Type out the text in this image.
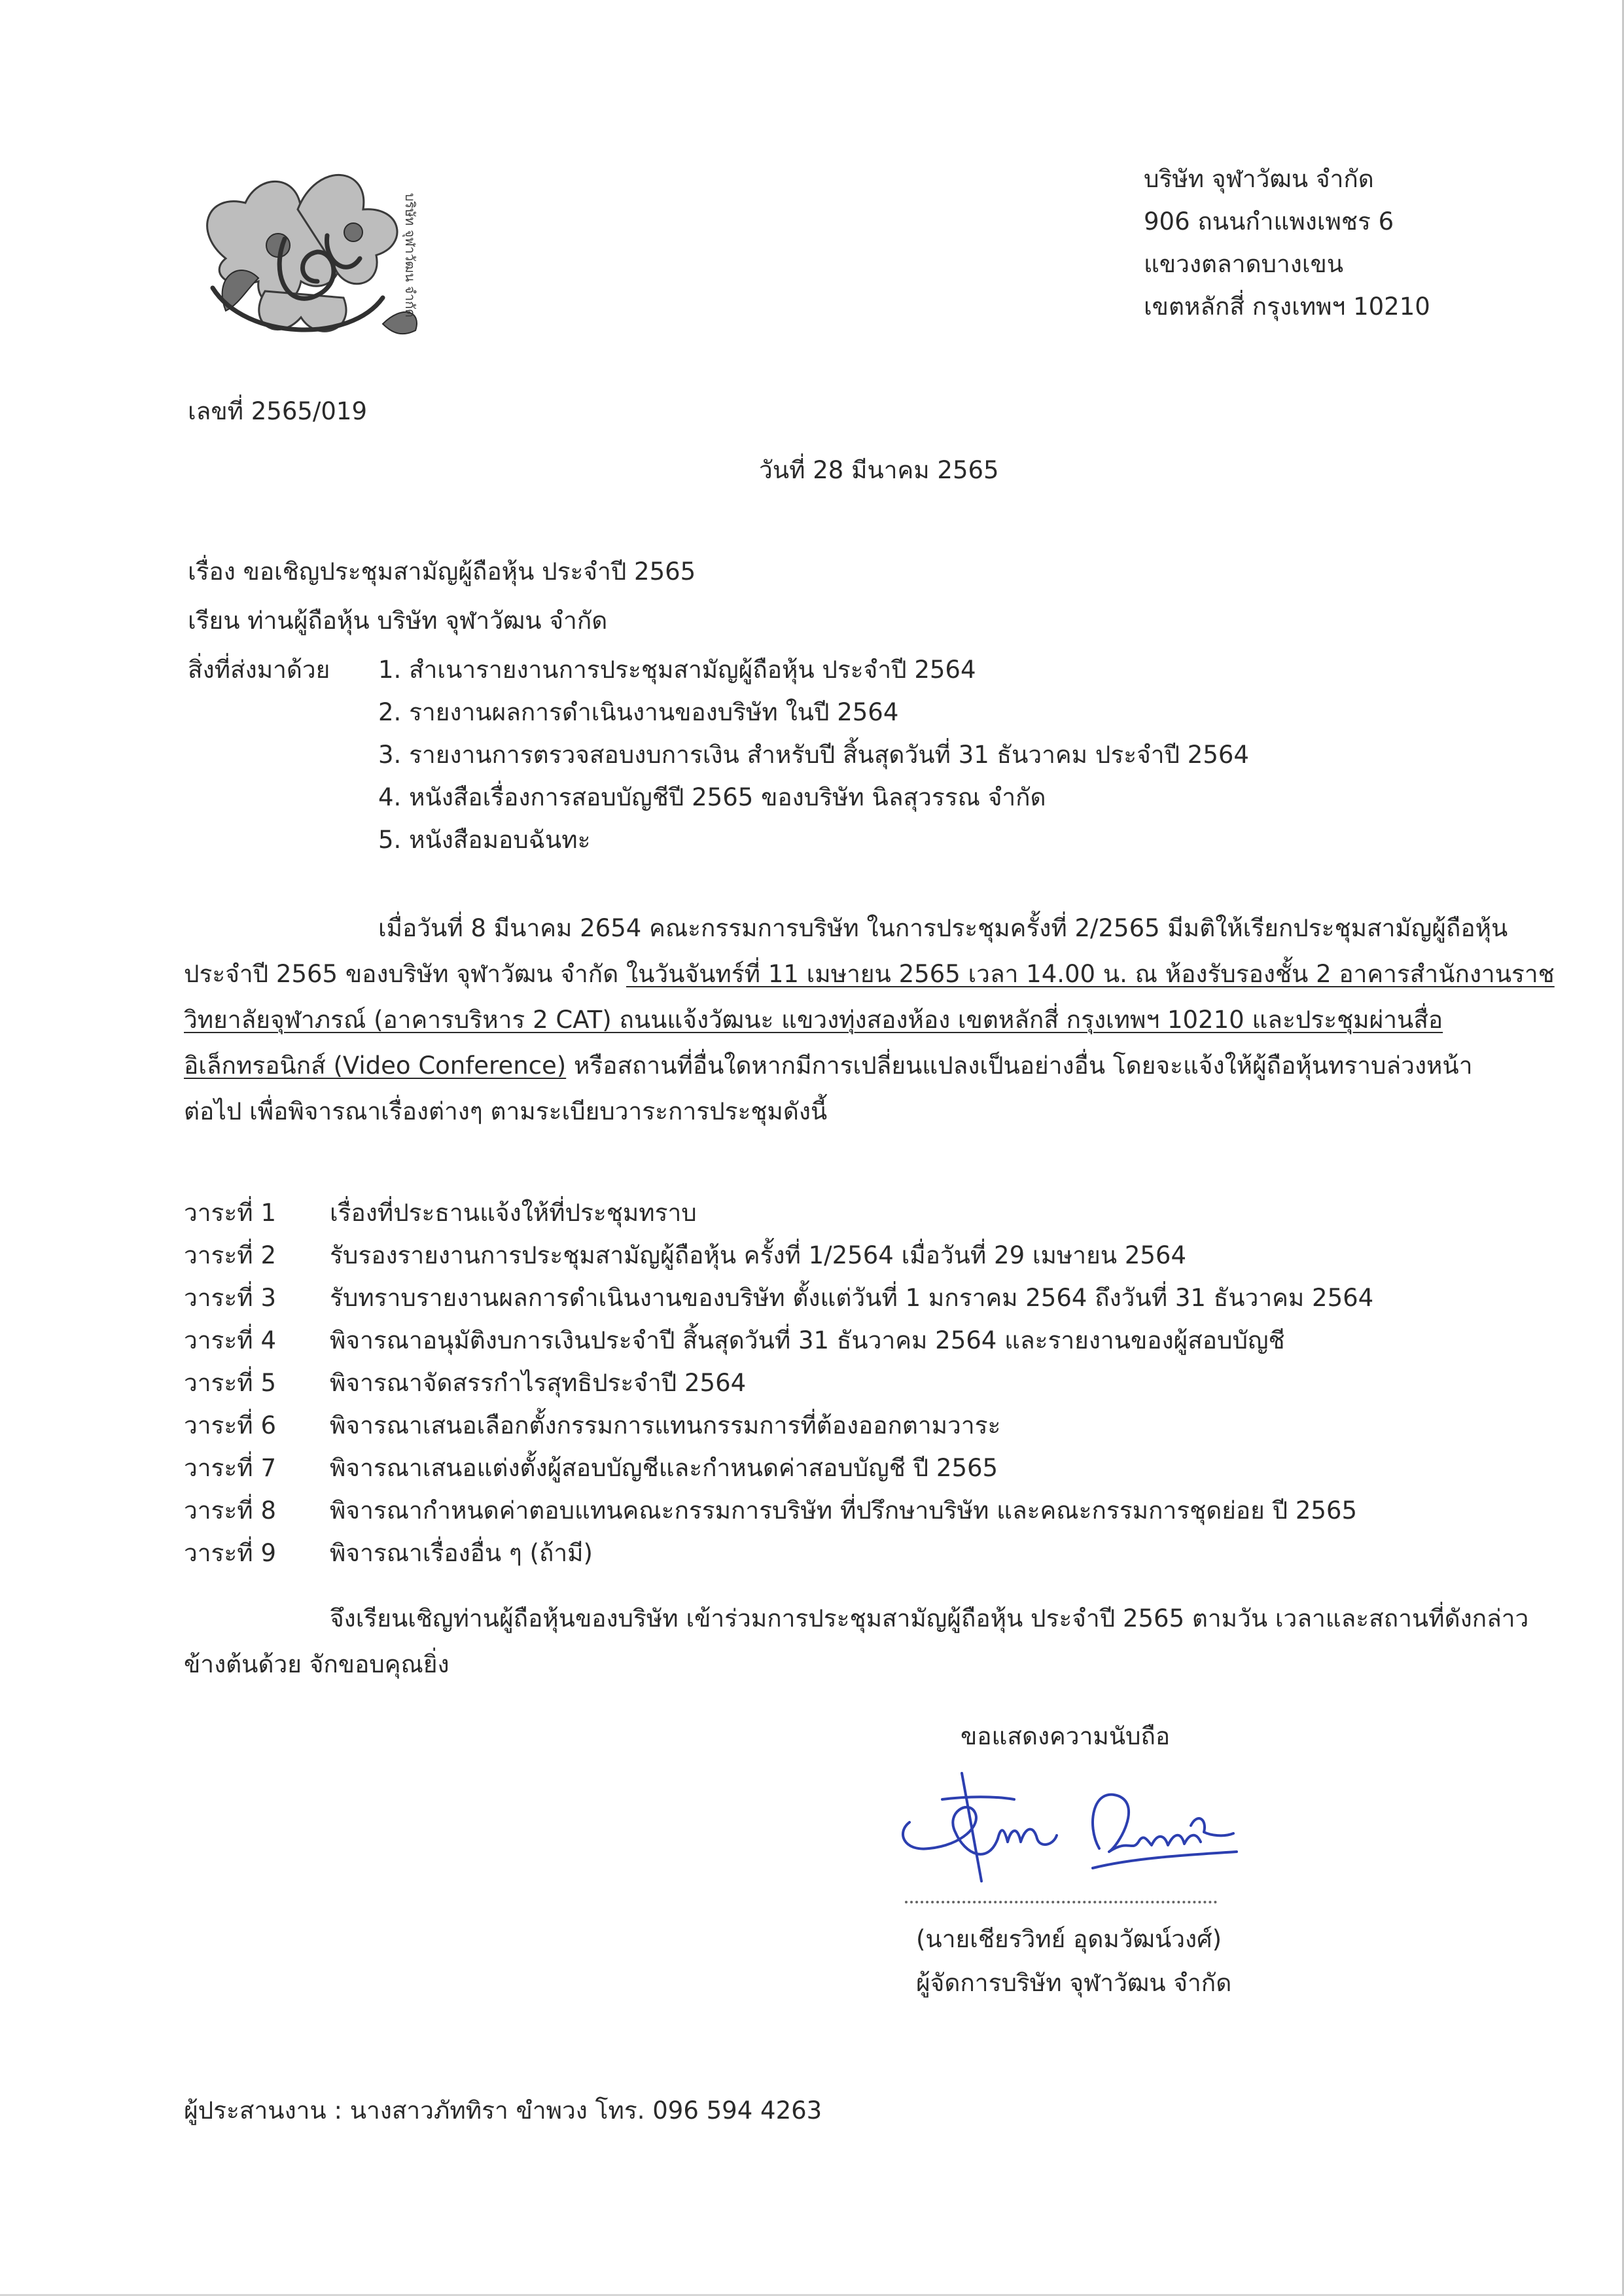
บริษัท จุฬาวัฒน จำกัด
บริษัท จุฬาวัฒน จำกัด
906 ถนนกำแพงเพชร 6
แขวงตลาดบางเขน
เขตหลักสี่ กรุงเทพฯ 10210
เลขที่ 2565/019
วันที่ 28 มีนาคม 2565
เรื่อง ขอเชิญประชุมสามัญผู้ถือหุ้น ประจำปี 2565
เรียน ท่านผู้ถือหุ้น บริษัท จุฬาวัฒน จำกัด
สิ่งที่ส่งมาด้วย 1. สำเนารายงานการประชุมสามัญผู้ถือหุ้น ประจำปี 2564
2. รายงานผลการดำเนินงานของบริษัท ในปี 2564
3. รายงานการตรวจสอบงบการเงิน สำหรับปี สิ้นสุดวันที่ 31 ธันวาคม ประจำปี 2564
4. หนังสือเรื่องการสอบบัญชีปี 2565 ของบริษัท นิลสุวรรณ จำกัด
5. หนังสือมอบฉันทะ
เมื่อวันที่ 8 มีนาคม 2654 คณะกรรมการบริษัท ในการประชุมครั้งที่ 2/2565 มีมติให้เรียกประชุมสามัญผู้ถือหุ้น
ประจำปี 2565 ของบริษัท จุฬาวัฒน จำกัด ในวันจันทร์ที่ 11 เมษายน 2565 เวลา 14.00 น. ณ ห้องรับรองชั้น 2 อาคารสำนักงานราช
วิทยาลัยจุฬาภรณ์ (อาคารบริหาร 2 CAT) ถนนแจ้งวัฒนะ แขวงทุ่งสองห้อง เขตหลักสี่ กรุงเทพฯ 10210 และประชุมผ่านสื่อ
อิเล็กทรอนิกส์ (Video Conference) หรือสถานที่อื่นใดหากมีการเปลี่ยนแปลงเป็นอย่างอื่น โดยจะแจ้งให้ผู้ถือหุ้นทราบล่วงหน้า
ต่อไป เพื่อพิจารณาเรื่องต่างๆ ตามระเบียบวาระการประชุมดังนี้
วาระที่ 1 เรื่องที่ประธานแจ้งให้ที่ประชุมทราบ
วาระที่ 2 รับรองรายงานการประชุมสามัญผู้ถือหุ้น ครั้งที่ 1/2564 เมื่อวันที่ 29 เมษายน 2564
วาระที่ 3 รับทราบรายงานผลการดำเนินงานของบริษัท ตั้งแต่วันที่ 1 มกราคม 2564 ถึงวันที่ 31 ธันวาคม 2564
วาระที่ 4 พิจารณาอนุมัติงบการเงินประจำปี สิ้นสุดวันที่ 31 ธันวาคม 2564 และรายงานของผู้สอบบัญชี
วาระที่ 5 พิจารณาจัดสรรกำไรสุทธิประจำปี 2564
วาระที่ 6 พิจารณาเสนอเลือกตั้งกรรมการแทนกรรมการที่ต้องออกตามวาระ
วาระที่ 7 พิจารณาเสนอแต่งตั้งผู้สอบบัญชีและกำหนดค่าสอบบัญชี ปี 2565
วาระที่ 8 พิจารณากำหนดค่าตอบแทนคณะกรรมการบริษัท ที่ปรึกษาบริษัท และคณะกรรมการชุดย่อย ปี 2565
วาระที่ 9 พิจารณาเรื่องอื่น ๆ (ถ้ามี)
จึงเรียนเชิญท่านผู้ถือหุ้นของบริษัท เข้าร่วมการประชุมสามัญผู้ถือหุ้น ประจำปี 2565 ตามวัน เวลาและสถานที่ดังกล่าว
ข้างต้นด้วย จักขอบคุณยิ่ง
ขอแสดงความนับถือ
(นายเชียรวิทย์ อุดมวัฒน์วงศ์)
ผู้จัดการบริษัท จุฬาวัฒน จำกัด
ผู้ประสานงาน : นางสาวภัททิรา ขำพวง โทร. 096 594 4263
